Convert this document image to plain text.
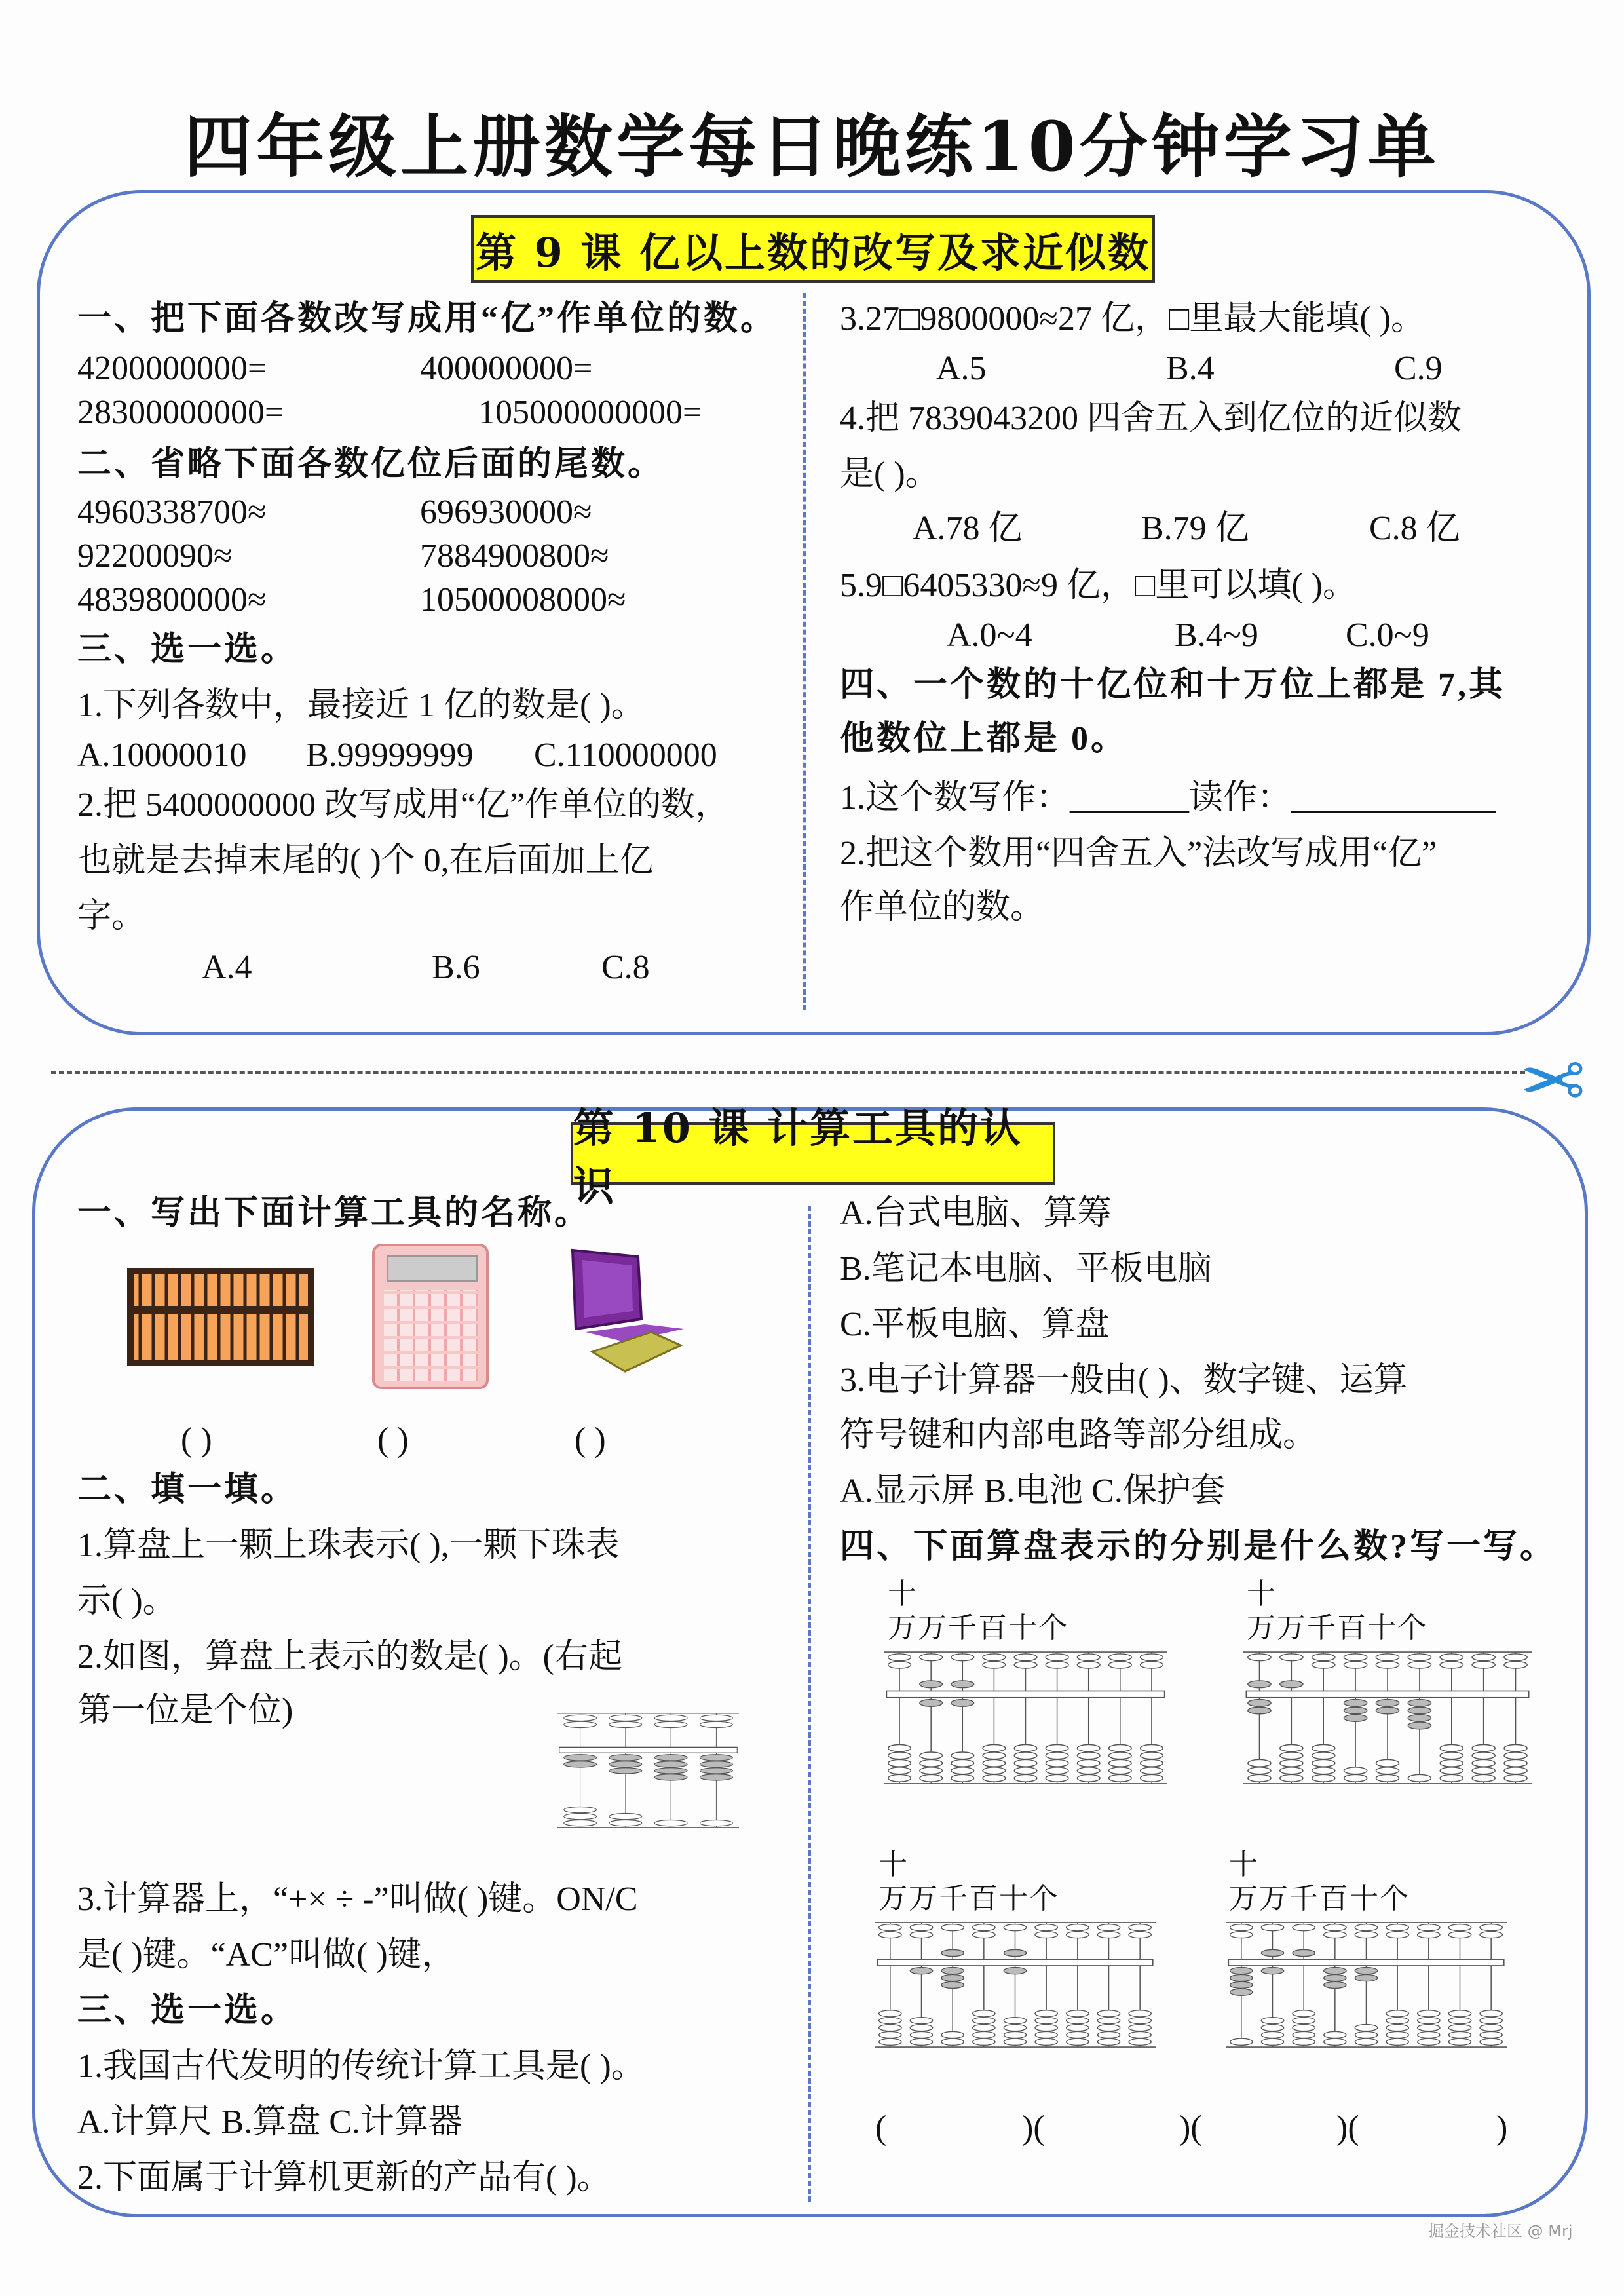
四年级上册数学每日晚练10分钟学习单
第 9 课 亿以上数的改写及求近似数
一、把下面各数改写成用“亿”作单位的数。
4200000000=	400000000=
28300000000=	105000000000=
二、省略下面各数亿位后面的尾数。
4960338700≈	696930000≈
92200090≈	7884900800≈
4839800000≈	10500008000≈
三、选一选。
1.下列各数中，最接近 1 亿的数是( )。
A.10000010 B.99999999 C.110000000
2.把 5400000000 改写成用“亿”作单位的数，
也就是去掉末尾的( )个 0,在后面加上亿
字。
A.4	B.6	C.8
3.27□9800000≈27 亿，□里最大能填( )。
A.5	B.4	C.9
4.把 7839043200 四舍五入到亿位的近似数
是( )。
A.78 亿	B.79 亿	C.8 亿
5.9□6405330≈9 亿，□里可以填( )。
A.0~4	B.4~9	C.0~9
四、一个数的十亿位和十万位上都是 7,其
他数位上都是 0。
1.这个数写作：_______读作：____________
2.把这个数用“四舍五入”法改写成用“亿”
作单位的数。
✂
第 10 课 计算工具的认识
一、写出下面计算工具的名称。
( )	( )	( )
二、填一填。
1.算盘上一颗上珠表示( ),一颗下珠表
示( )。
2.如图，算盘上表示的数是( )。(右起
第一位是个位)
3.计算器上，“+× ÷ -”叫做( )键。ON/C
是( )键。“AC”叫做( )键，
三、选一选。
1.我国古代发明的传统计算工具是( )。
A.计算尺 B.算盘 C.计算器
2.下面属于计算机更新的产品有( )。
A.台式电脑、算筹
B.笔记本电脑、平板电脑
C.平板电脑、算盘
3.电子计算器一般由( )、数字键、运算
符号键和内部电路等部分组成。
A.显示屏 B.电池 C.保护套
四、下面算盘表示的分别是什么数?写一写。
十
万万千百十个
十
万万千百十个
十
万万千百十个
十
万万千百十个
(	)(	)(	)(	)
掘金技术社区 @ Mrj
